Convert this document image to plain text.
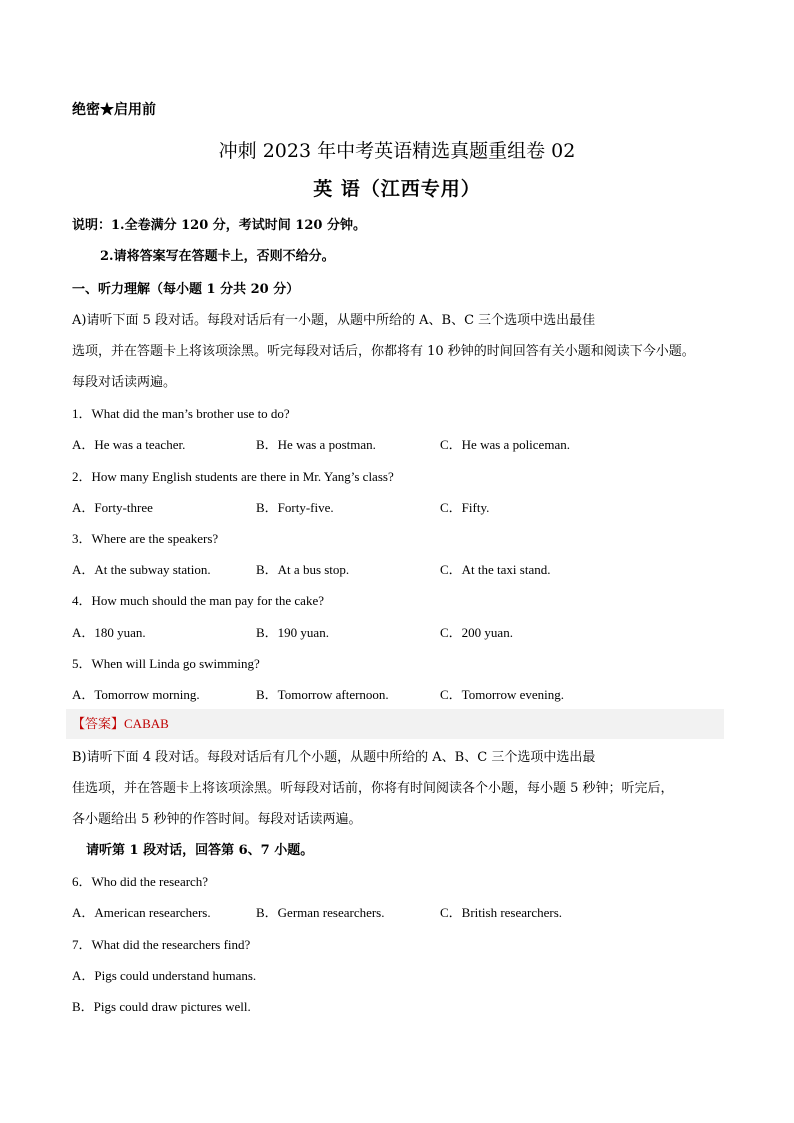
绝密★启用前
冲刺 2023 年中考英语精选真题重组卷 02
英 语（江西专用）
说明：1.全卷满分 120 分，考试时间 120 分钟。
2.请将答案写在答题卡上，否则不给分。
一、听力理解（每小题 1 分共 20 分）
A)请听下面 5 段对话。每段对话后有一小题，从题中所给的 A、B、C 三个选项中选出最佳
选项，并在答题卡上将该项涂黑。听完每段对话后，你都将有 10 秒钟的时间回答有关小题和阅读下今小题。
每段对话读两遍。
1．What did the man’s brother use to do?
A．He was a teacher.	B．He was a postman.	C．He was a policeman.
2．How many English students are there in Mr. Yang’s class?
A．Forty-three	B．Forty-five.	C．Fifty.
3．Where are the speakers?
A．At the subway station.	B．At a bus stop.	C．At the taxi stand.
4．How much should the man pay for the cake?
A．180 yuan.	B．190 yuan.	C．200 yuan.
5．When will Linda go swimming?
A．Tomorrow morning.	B．Tomorrow afternoon.	C．Tomorrow evening.
【答案】CABAB
B)请听下面 4 段对话。每段对话后有几个小题，从题中所给的 A、B、C 三个选项中选出最
佳选项，并在答题卡上将该项涂黑。听每段对话前，你将有时间阅读各个小题，每小题 5 秒钟；听完后，
各小题给出 5 秒钟的作答时间。每段对话读两遍。
请听第 1 段对话，回答第 6、7 小题。
6．Who did the research?
A．American researchers.	B．German researchers.	C．British researchers.
7．What did the researchers find?
A．Pigs could understand humans.
B．Pigs could draw pictures well.
